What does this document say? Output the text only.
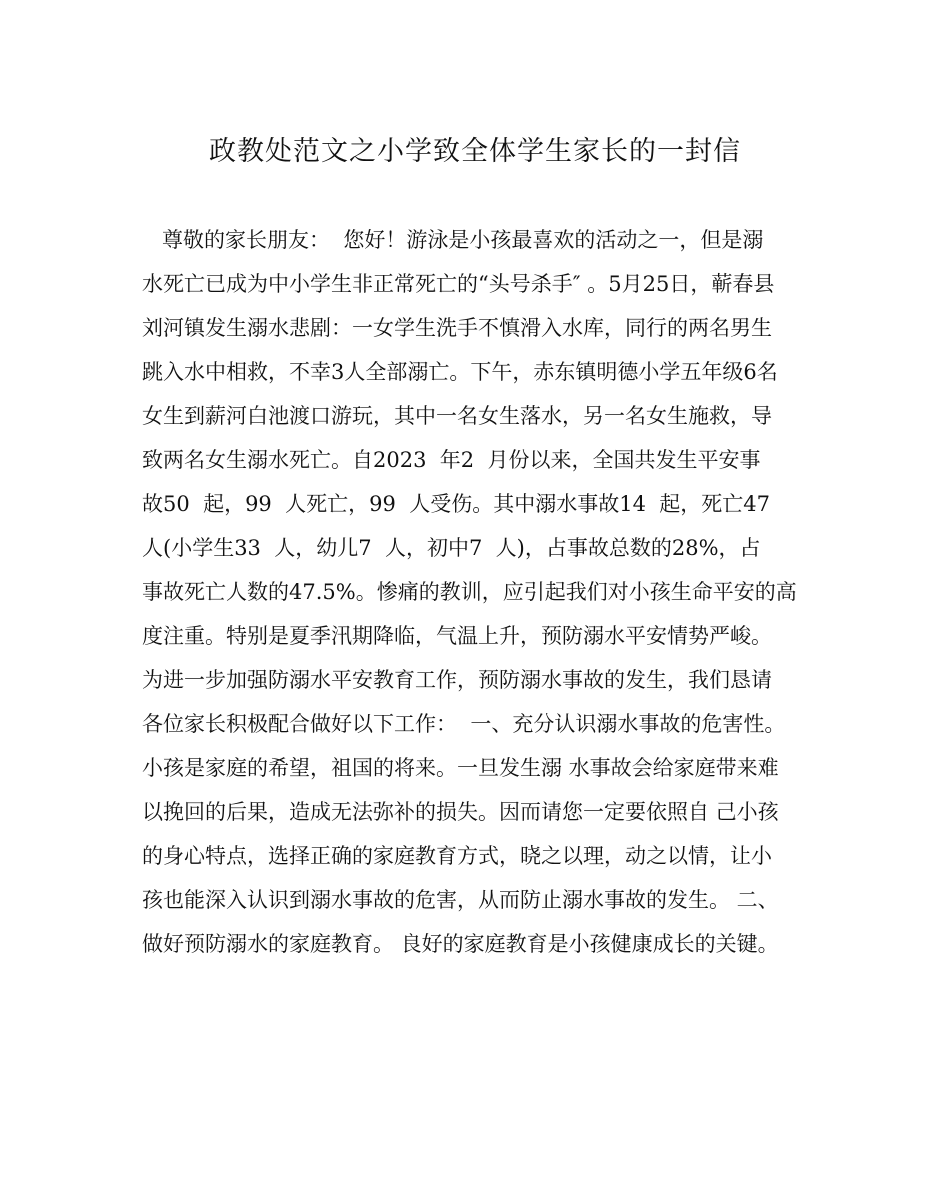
政教处范文之小学致全体学生家长的一封信
尊敬的家长朋友：  您好！游泳是小孩最喜欢的活动之一，但是溺
水死亡已成为中小学生非正常死亡的“头号杀手″ 。5月25日，蕲春县
刘河镇发生溺水悲剧：一女学生洗手不慎滑入水库，同行的两名男生
跳入水中相救，不幸3人全部溺亡。下午，赤东镇明德小学五年级6名
女生到薪河白池渡口游玩，其中一名女生落水，另一名女生施救，导
致两名女生溺水死亡。自2023  年2  月份以来，全国共发生平安事
故50  起，99  人死亡，99  人受伤。其中溺水事故14  起，死亡47
人(小学生33  人，幼儿7  人，初中7  人)，占事故总数的28%，占
事故死亡人数的47.5%。惨痛的教训，应引起我们对小孩生命平安的高
度注重。特别是夏季汛期降临，气温上升，预防溺水平安情势严峻。
为进一步加强防溺水平安教育工作，预防溺水事故的发生，我们恳请
各位家长积极配合做好以下工作：  一、充分认识溺水事故的危害性。
小孩是家庭的希望，祖国的将来。一旦发生溺 水事故会给家庭带来难
以挽回的后果，造成无法弥补的损失。因而请您一定要依照自 己小孩
的身心特点，选择正确的家庭教育方式，晓之以理，动之以情，让小
孩也能深入认识到溺水事故的危害，从而防止溺水事故的发生。 二、
做好预防溺水的家庭教育。 良好的家庭教育是小孩健康成长的关键。
